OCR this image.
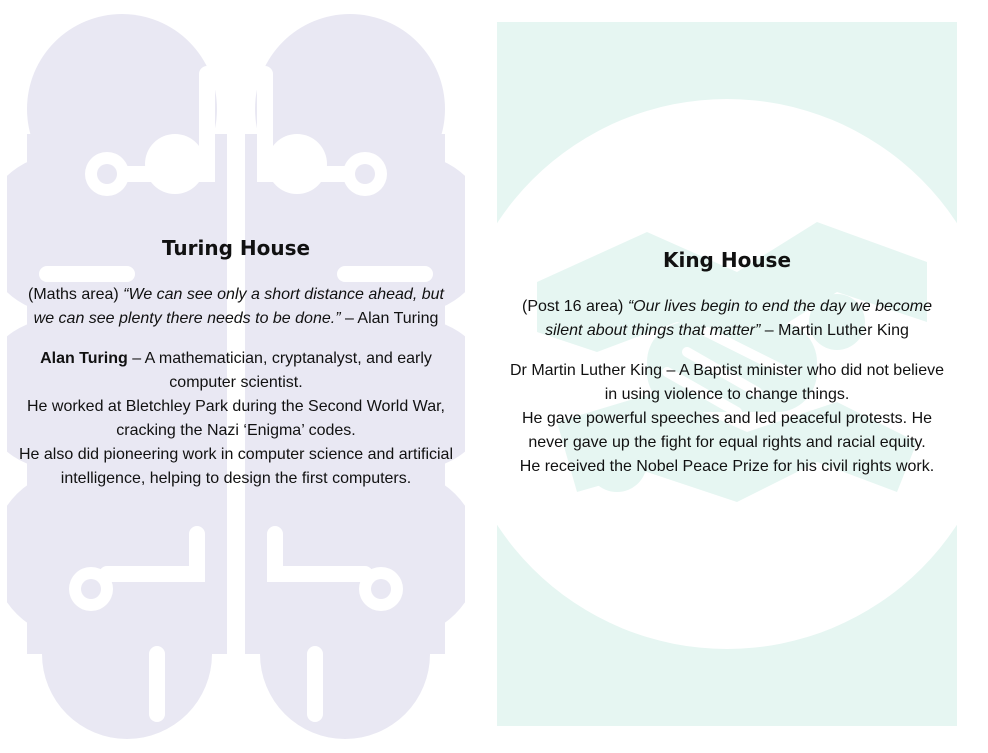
Turing House

(Maths area) “We can see only a short distance ahead, but we can see plenty there needs to be done.” – Alan Turing

Alan Turing – A mathematician, cryptanalyst, and early computer scientist.
He worked at Bletchley Park during the Second World War, cracking the Nazi ‘Enigma’ codes.
He also did pioneering work in computer science and artificial intelligence, helping to design the first computers.

King House

(Post 16 area) “Our lives begin to end the day we become silent about things that matter” – Martin Luther King

Dr Martin Luther King – A Baptist minister who did not believe in using violence to change things.
He gave powerful speeches and led peaceful protests. He never gave up the fight for equal rights and racial equity.
He received the Nobel Peace Prize for his civil rights work.
